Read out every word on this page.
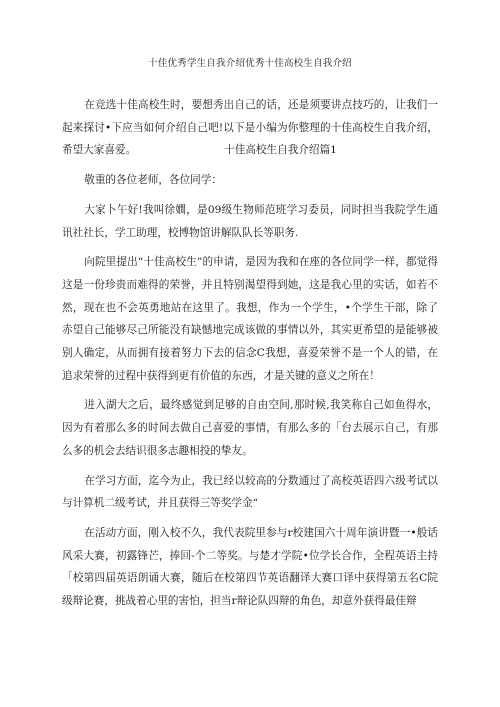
十佳优秀学生自我介绍优秀十佳高校生自我介绍

在竞选十佳高校生时，要想秀出自己的话，还是须要讲点技巧的，让我们一起来探讨•下应当如何介绍自己吧!以下是小编为你整理的十佳高校生自我介绍，希望大家喜爱。	十佳高校生自我介绍篇1

敬重的各位老师，各位同学：

大家卜午好!我叫徐嫺，是09级生物师范班学习委员，同时担当我院学生通讯社社长，学工助理，校博物馆讲解队队长等职务.

向院里提出“十佳高校生”的申请，是因为我和在座的各位同学一样，都觉得这是一份珍贵而难得的荣誉，并且特别渴望得到她，这是我心里的实话，如若不然，现在也不会英勇地站在这里了。我想，作为一个学生，•个学生干部，除了赤望自己能够尽己所能没有缺憾地完成该做的事情以外，其实更希望的是能够被别人确定，从而拥有接着努力下去的信念C我想，喜爱荣誉不是一个人的错，在追求荣誉的过程中获得到更有价值的东西，才是关键的意义之所在！

进入湖大之后，最终感觉到足够的自由空间,那时候,我笑称自己如鱼得水，因为有着那么多的时间去做自己喜爱的事情，有那么多的「台去展示自己，有那么多的机会去结识很多志趣相投的挚友。

在学习方面，迄今为止，我已经以较高的分数通过了高校英语四六级考试以与计算机二级考试，并且获得三等奖学金“

在活动方面，刚入校不久，我代表院里参与r校建国六十周年演讲暨一•般话风采大赛，初露锋芒，捧回-个二等奖。与楚才学院•位学长合作，全程英语主持「校第四届英语朗诵大赛，随后在校第四节英语翻译大赛口译中获得第五名C院级辩论赛，挑战着心里的害怕，担当r辩论队四辩的角色，却意外获得最佳辩
